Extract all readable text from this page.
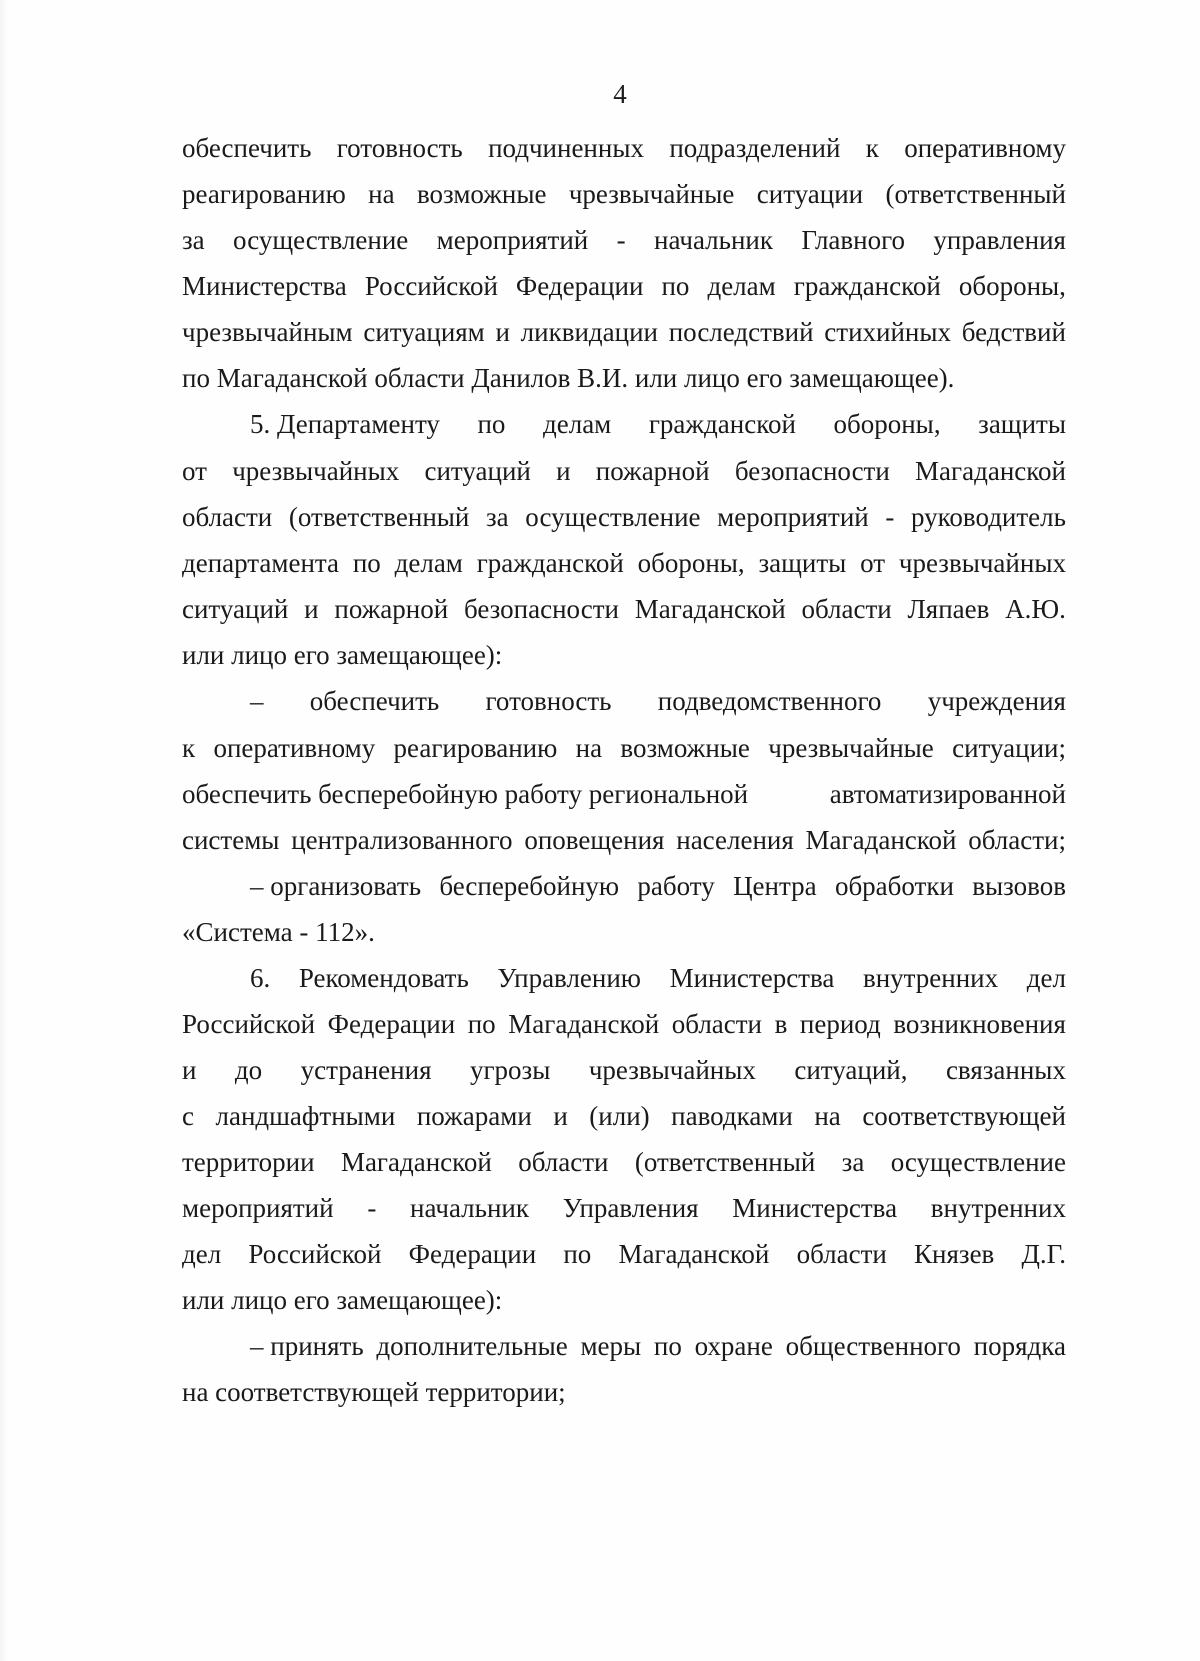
4
обеспечить готовность подчиненных подразделений к оперативному
реагированию на возможные чрезвычайные ситуации (ответственный
за осуществление мероприятий - начальник Главного управления
Министерства Российской Федерации по делам гражданской обороны,
чрезвычайным ситуациям и ликвидации последствий стихийных бедствий
по Магаданской области Данилов В.И. или лицо его замещающее).
5. Департаменту по делам гражданской обороны, защиты
от чрезвычайных ситуаций и пожарной безопасности Магаданской
области (ответственный за осуществление мероприятий - руководитель
департамента по делам гражданской обороны, защиты от чрезвычайных
ситуаций и пожарной безопасности Магаданской области Ляпаев А.Ю.
или лицо его замещающее):
– обеспечить готовность подведомственного учреждения
к оперативному реагированию на возможные чрезвычайные ситуации;
обеспечить бесперебойную работу региональной	автоматизированной
системы централизованного оповещения населения Магаданской области;
– организовать бесперебойную работу Центра обработки вызовов
«Система - 112».
6. Рекомендовать Управлению Министерства внутренних дел
Российской Федерации по Магаданской области в период возникновения
и до устранения угрозы чрезвычайных ситуаций, связанных
с ландшафтными пожарами и (или) паводками на соответствующей
территории Магаданской области (ответственный за осуществление
мероприятий - начальник Управления Министерства внутренних
дел Российской Федерации по Магаданской области Князев Д.Г.
или лицо его замещающее):
– принять дополнительные меры по охране общественного порядка
на соответствующей территории;
